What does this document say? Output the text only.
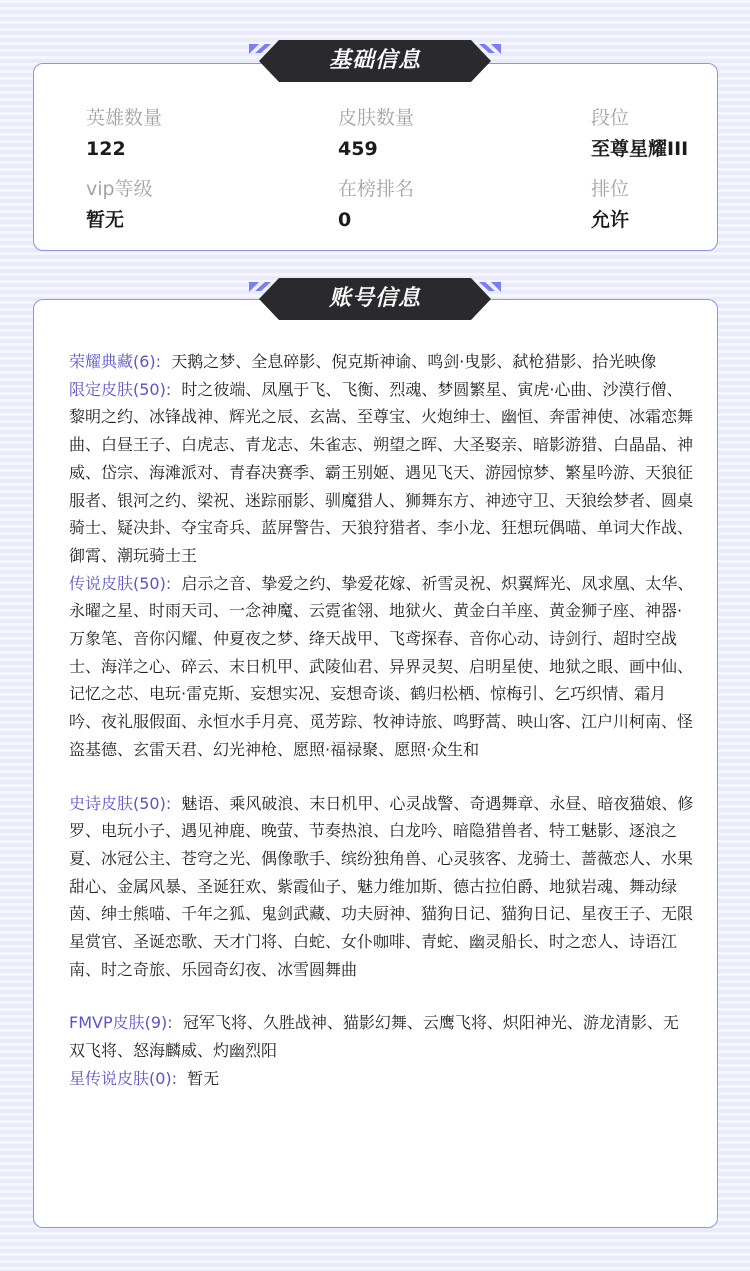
基础信息
英雄数量
122
皮肤数量
459
段位
至尊星耀III
vip等级
暂无
在榜排名
0
排位
允许
账号信息
荣耀典藏(6): 天鹅之梦、全息碎影、倪克斯神谕、鸣剑·曳影、弑枪猎影、拾光映像
限定皮肤(50): 时之彼端、凤凰于飞、飞衡、烈魂、梦圆繁星、寅虎·心曲、沙漠行僧、黎明之约、冰锋战神、辉光之辰、玄嵩、至尊宝、火炮绅士、幽恒、奔雷神使、冰霜恋舞曲、白昼王子、白虎志、青龙志、朱雀志、朔望之晖、大圣娶亲、暗影游猎、白晶晶、神威、岱宗、海滩派对、青春决赛季、霸王别姬、遇见飞天、游园惊梦、繁星吟游、天狼征服者、银河之约、梁祝、迷踪丽影、驯魔猎人、狮舞东方、神迹守卫、天狼绘梦者、圆桌骑士、疑决卦、夺宝奇兵、蓝屏警告、天狼狩猎者、李小龙、狂想玩偶喵、单词大作战、御霄、潮玩骑士王
传说皮肤(50): 启示之音、挚爱之约、挚爱花嫁、祈雪灵祝、炽翼辉光、凤求凰、太华、永曜之星、时雨天司、一念神魔、云霓雀翎、地狱火、黄金白羊座、黄金狮子座、神器·万象笔、音你闪耀、仲夏夜之梦、绛天战甲、飞鸢探春、音你心动、诗剑行、超时空战士、海洋之心、碎云、末日机甲、武陵仙君、异界灵契、启明星使、地狱之眼、画中仙、记忆之芯、电玩·雷克斯、妄想实况、妄想奇谈、鹤归松栖、惊梅引、乞巧织情、霜月吟、夜礼服假面、永恒水手月亮、觅芳踪、牧神诗旅、鸣野蒿、映山客、江户川柯南、怪盗基德、玄雷天君、幻光神枪、愿照·福禄聚、愿照·众生和
史诗皮肤(50): 魅语、乘风破浪、末日机甲、心灵战警、奇遇舞章、永昼、暗夜猫娘、修罗、电玩小子、遇见神鹿、晚萤、节奏热浪、白龙吟、暗隐猎兽者、特工魅影、逐浪之夏、冰冠公主、苍穹之光、偶像歌手、缤纷独角兽、心灵骇客、龙骑士、蔷薇恋人、水果甜心、金属风暴、圣诞狂欢、紫霞仙子、魅力维加斯、德古拉伯爵、地狱岩魂、舞动绿茵、绅士熊喵、千年之狐、鬼剑武藏、功夫厨神、猫狗日记、猫狗日记、星夜王子、无限星赏官、圣诞恋歌、天才门将、白蛇、女仆咖啡、青蛇、幽灵船长、时之恋人、诗语江南、时之奇旅、乐园奇幻夜、冰雪圆舞曲
FMVP皮肤(9): 冠军飞将、久胜战神、猫影幻舞、云鹰飞将、炽阳神光、游龙清影、无双飞将、怒海麟威、灼幽烈阳
星传说皮肤(0): 暂无
